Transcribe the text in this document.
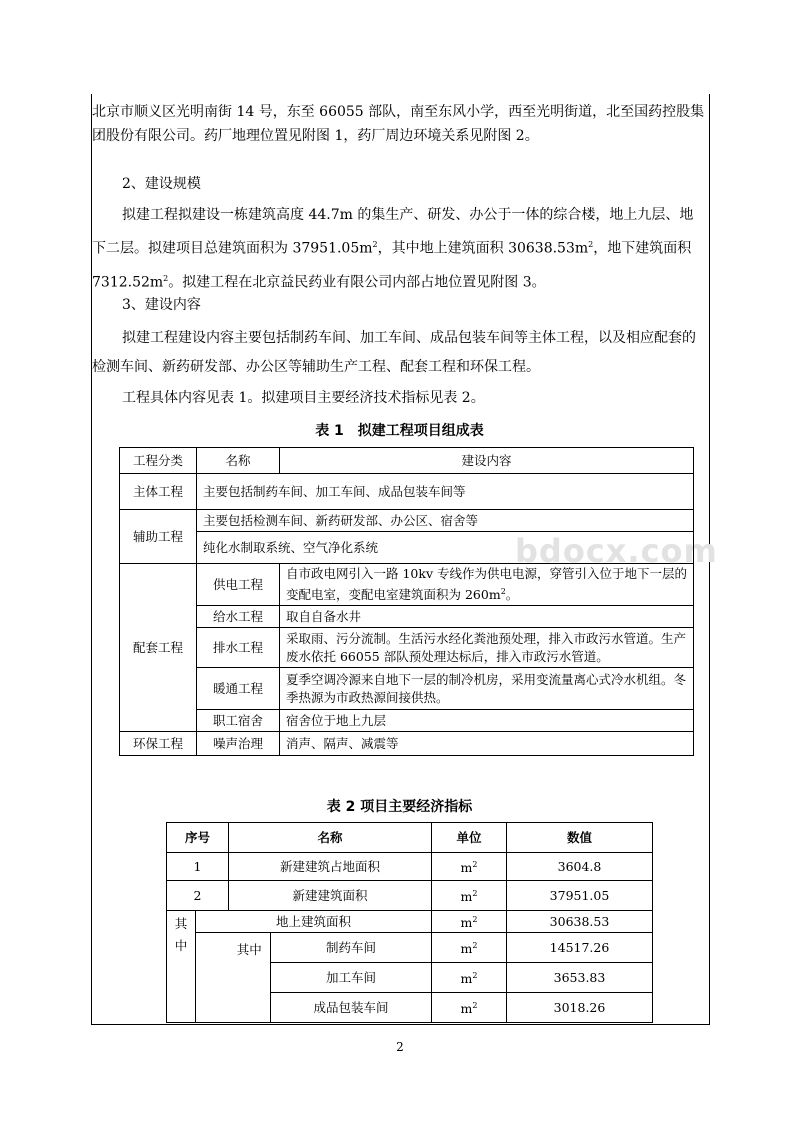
bdocx.com

北京市顺义区光明南街 14 号，东至 66055 部队，南至东风小学，西至光明街道，北至国药控股集团股份有限公司。药厂地理位置见附图 1，药厂周边环境关系见附图 2。

2、建设规模

拟建工程拟建设一栋建筑高度 44.7m 的集生产、研发、办公于一体的综合楼，地上九层、地下二层。拟建项目总建筑面积为 $37951.05m^2$，其中地上建筑面积 $30638.53m^2$，地下建筑面积 $7312.52m^2$。拟建工程在北京益民药业有限公司内部占地位置见附图 3。

3、建设内容

拟建工程建设内容主要包括制药车间、加工车间、成品包装车间等主体工程，以及相应配套的检测车间、新药研发部、办公区等辅助生产工程、配套工程和环保工程。

工程具体内容见表 1。拟建项目主要经济技术指标见表 2。

表 1　拟建工程项目组成表
工程分类	名称	建设内容
主体工程	主要包括制药车间、加工车间、成品包装车间等	
辅助工程	主要包括检测车间、新药研发部、办公区、宿舍等	
	纯化水制取系统、空气净化系统	
配套工程	供电工程	自市政电网引入一路 10kv 专线作为供电电源，穿管引入位于地下一层的变配电室，变配电室建筑面积为 $260m^2$。
	给水工程	取自自备水井
	排水工程	采取雨、污分流制。生活污水经化粪池预处理，排入市政污水管道。生产废水依托 66055 部队预处理达标后，排入市政污水管道。
	暖通工程	夏季空调冷源来自地下一层的制冷机房，采用变流量离心式冷水机组。冬季热源为市政热源间接供热。
	职工宿舍	宿舍位于地上九层
环保工程	噪声治理	消声、隔声、减震等
表 2 项目主要经济指标
序号		名称		单位	数值
1		新建建筑占地面积		$m^2$	3604.8
2		新建建筑面积		$m^2$	37951.05
其中	地上建筑面积			$m^2$	30638.53
		其中	制药车间	$m^2$	14517.26
			加工车间	$m^2$	3653.83
			成品包装车间	$m^2$	3018.26
2
